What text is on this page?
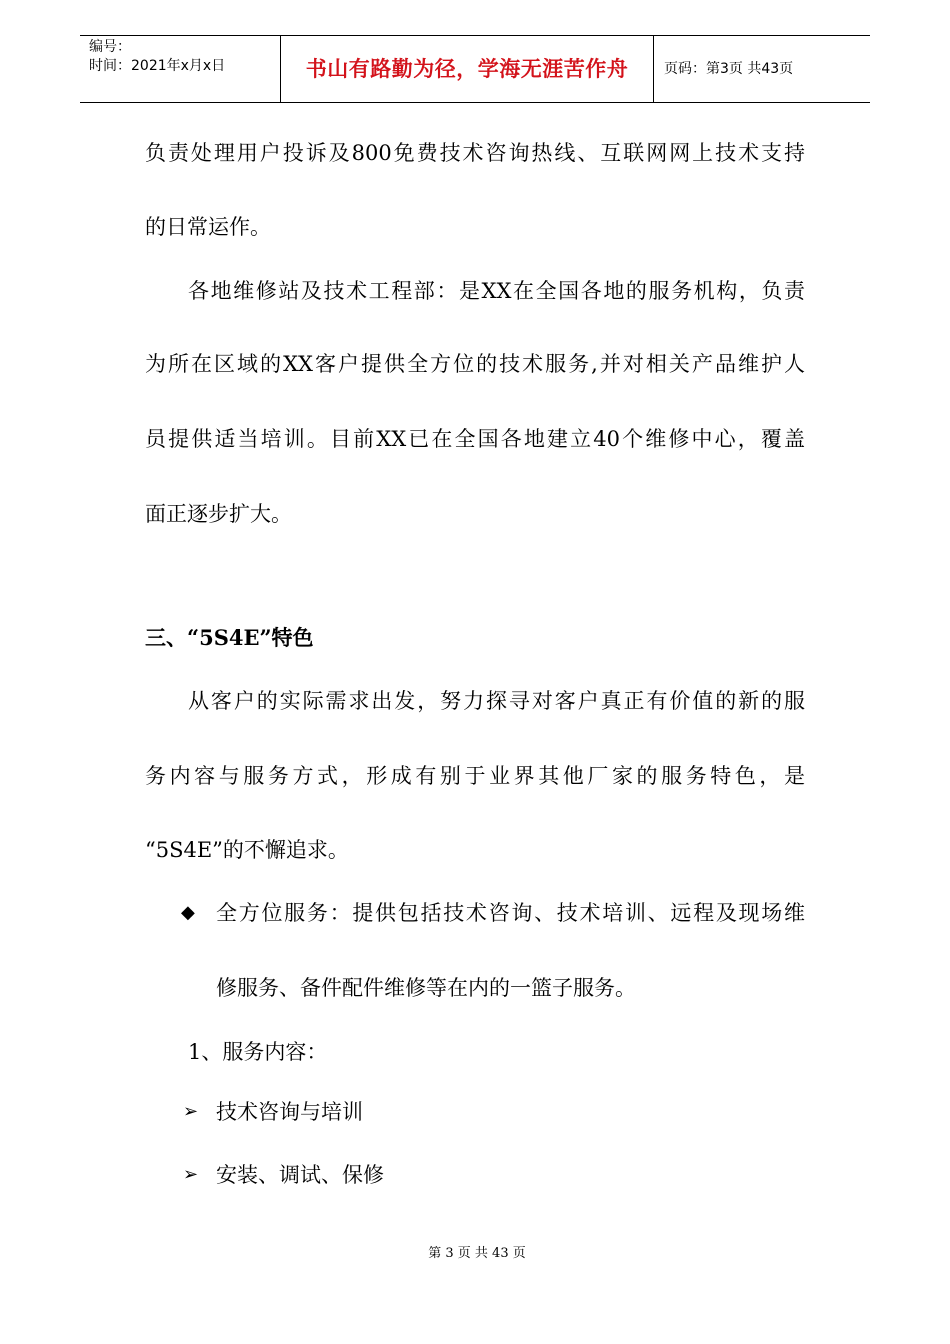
编号：
时间：2021年x月x日	书山有路勤为径，学海无涯苦作舟	页码：第3页 共43页
负责处理用户投诉及800免费技术咨询热线、互联网网上技术支持
的日常运作。
各地维修站及技术工程部：是XX在全国各地的服务机构，负责
为所在区域的XX客户提供全方位的技术服务,并对相关产品维护人
员提供适当培训。目前XX已在全国各地建立40个维修中心，覆盖
面正逐步扩大。
三、“5S4E”特色
从客户的实际需求出发，努力探寻对客户真正有价值的新的服
务内容与服务方式，形成有别于业界其他厂家的服务特色，是
“5S4E”的不懈追求。
◆ 全方位服务：提供包括技术咨询、技术培训、远程及现场维
修服务、备件配件维修等在内的一篮子服务。
1、服务内容：
➢ 技术咨询与培训
➢ 安装、调试、保修
第 3 页 共 43 页
